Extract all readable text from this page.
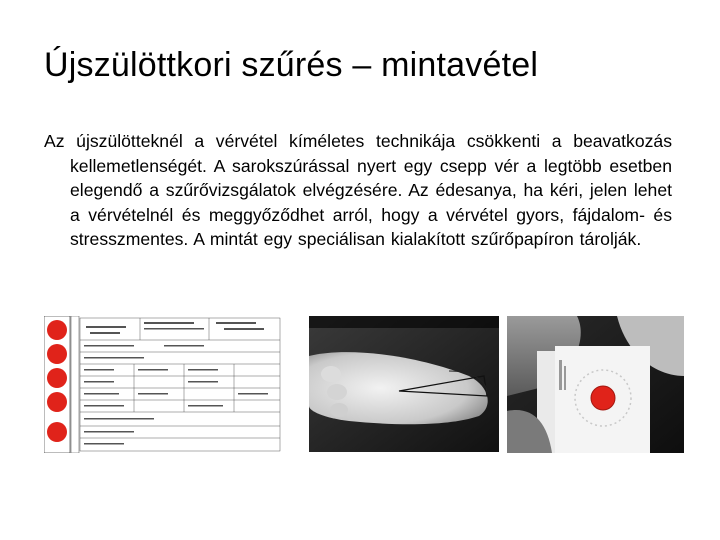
Újszülöttkori szűrés – mintavétel
Az újszülötteknél a vérvétel kíméletes technikája csökkenti a beavatkozás kellemetlenségét. A sarokszúrással nyert egy csepp vér a legtöbb esetben elegendő a szűrővizsgálatok elvégzésére. Az édesanya, ha kéri, jelen lehet a vérvételnél és meggyőződhet arról, hogy a vérvétel gyors, fájdalom- és stresszmentes. A mintát egy speciálisan kialakított szűrőpapíron tárolják.
